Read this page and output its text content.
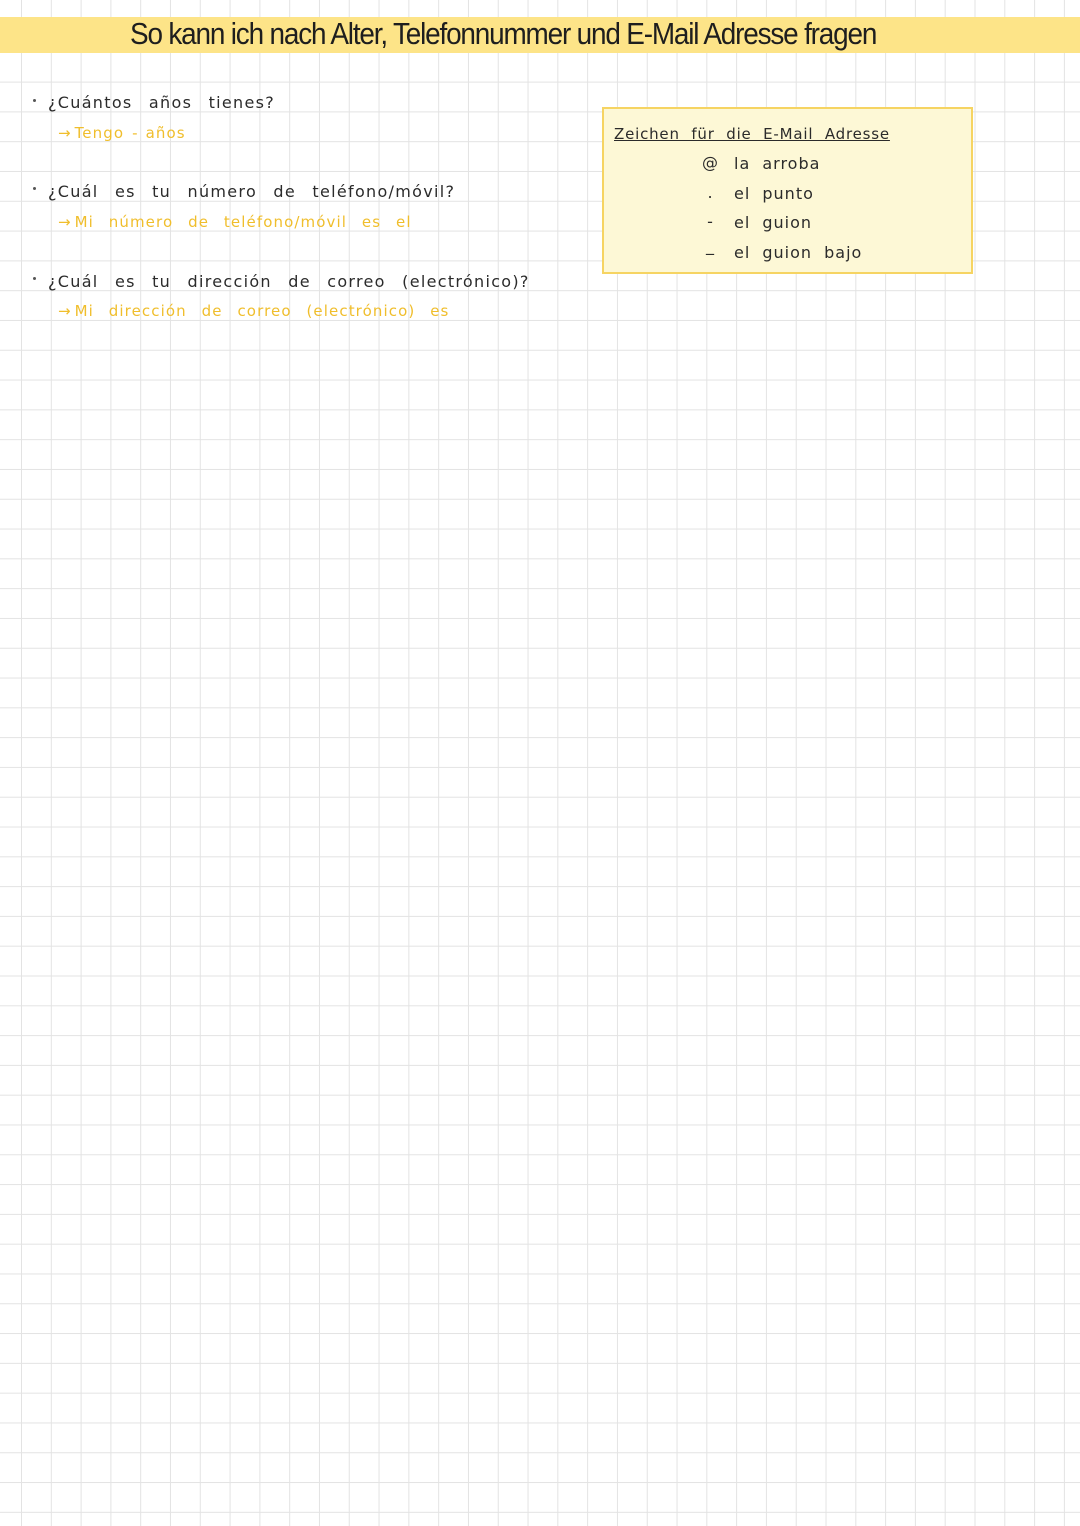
So kann ich nach Alter, Telefonnummer und E-Mail Adresse fragen
¿Cuántos años tienes?
→ Tengo - años
¿Cuál es tu número de teléfono/móvil?
→ Mi número de teléfono/móvil es el
¿Cuál es tu dirección de correo (electrónico)?
→ Mi dirección de correo (electrónico) es
Zeichen für die E-Mail Adresse
@ la arroba
.	el punto
-	el guion
_	el guion bajo
